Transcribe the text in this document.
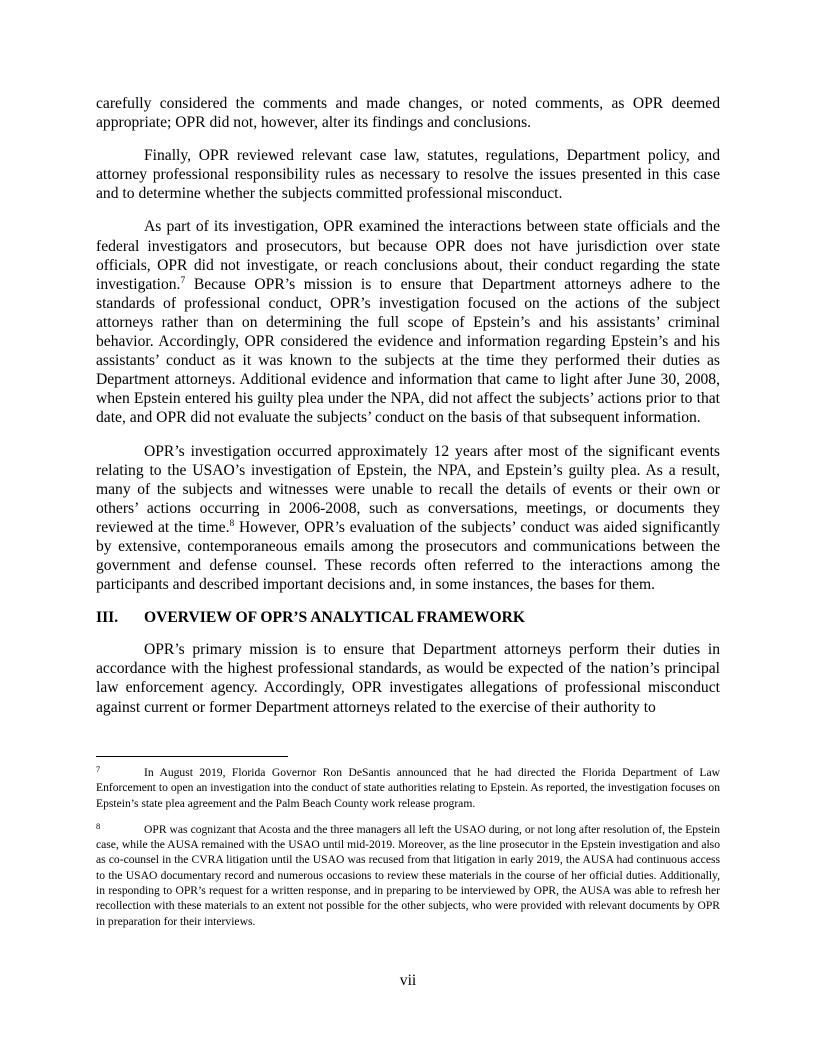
carefully considered the comments and made changes, or noted comments, as OPR deemed appropriate; OPR did not, however, alter its findings and conclusions.

Finally, OPR reviewed relevant case law, statutes, regulations, Department policy, and attorney professional responsibility rules as necessary to resolve the issues presented in this case and to determine whether the subjects committed professional misconduct.

As part of its investigation, OPR examined the interactions between state officials and the federal investigators and prosecutors, but because OPR does not have jurisdiction over state officials, OPR did not investigate, or reach conclusions about, their conduct regarding the state investigation.$^7$ Because OPR’s mission is to ensure that Department attorneys adhere to the standards of professional conduct, OPR’s investigation focused on the actions of the subject attorneys rather than on determining the full scope of Epstein’s and his assistants’ criminal behavior. Accordingly, OPR considered the evidence and information regarding Epstein’s and his assistants’ conduct as it was known to the subjects at the time they performed their duties as Department attorneys. Additional evidence and information that came to light after June 30, 2008, when Epstein entered his guilty plea under the NPA, did not affect the subjects’ actions prior to that date, and OPR did not evaluate the subjects’ conduct on the basis of that subsequent information.

OPR’s investigation occurred approximately 12 years after most of the significant events relating to the USAO’s investigation of Epstein, the NPA, and Epstein’s guilty plea. As a result, many of the subjects and witnesses were unable to recall the details of events or their own or others’ actions occurring in 2006-2008, such as conversations, meetings, or documents they reviewed at the time.$^8$ However, OPR’s evaluation of the subjects’ conduct was aided significantly by extensive, contemporaneous emails among the prosecutors and communications between the government and defense counsel. These records often referred to the interactions among the participants and described important decisions and, in some instances, the bases for them.

III.	OVERVIEW OF OPR’S ANALYTICAL FRAMEWORK

OPR’s primary mission is to ensure that Department attorneys perform their duties in accordance with the highest professional standards, as would be expected of the nation’s principal law enforcement agency. Accordingly, OPR investigates allegations of professional misconduct against current or former Department attorneys related to the exercise of their authority to

7	In August 2019, Florida Governor Ron DeSantis announced that he had directed the Florida Department of Law Enforcement to open an investigation into the conduct of state authorities relating to Epstein. As reported, the investigation focuses on Epstein’s state plea agreement and the Palm Beach County work release program.

8	OPR was cognizant that Acosta and the three managers all left the USAO during, or not long after resolution of, the Epstein case, while the AUSA remained with the USAO until mid-2019. Moreover, as the line prosecutor in the Epstein investigation and also as co-counsel in the CVRA litigation until the USAO was recused from that litigation in early 2019, the AUSA had continuous access to the USAO documentary record and numerous occasions to review these materials in the course of her official duties. Additionally, in responding to OPR’s request for a written response, and in preparing to be interviewed by OPR, the AUSA was able to refresh her recollection with these materials to an extent not possible for the other subjects, who were provided with relevant documents by OPR in preparation for their interviews.

vii
